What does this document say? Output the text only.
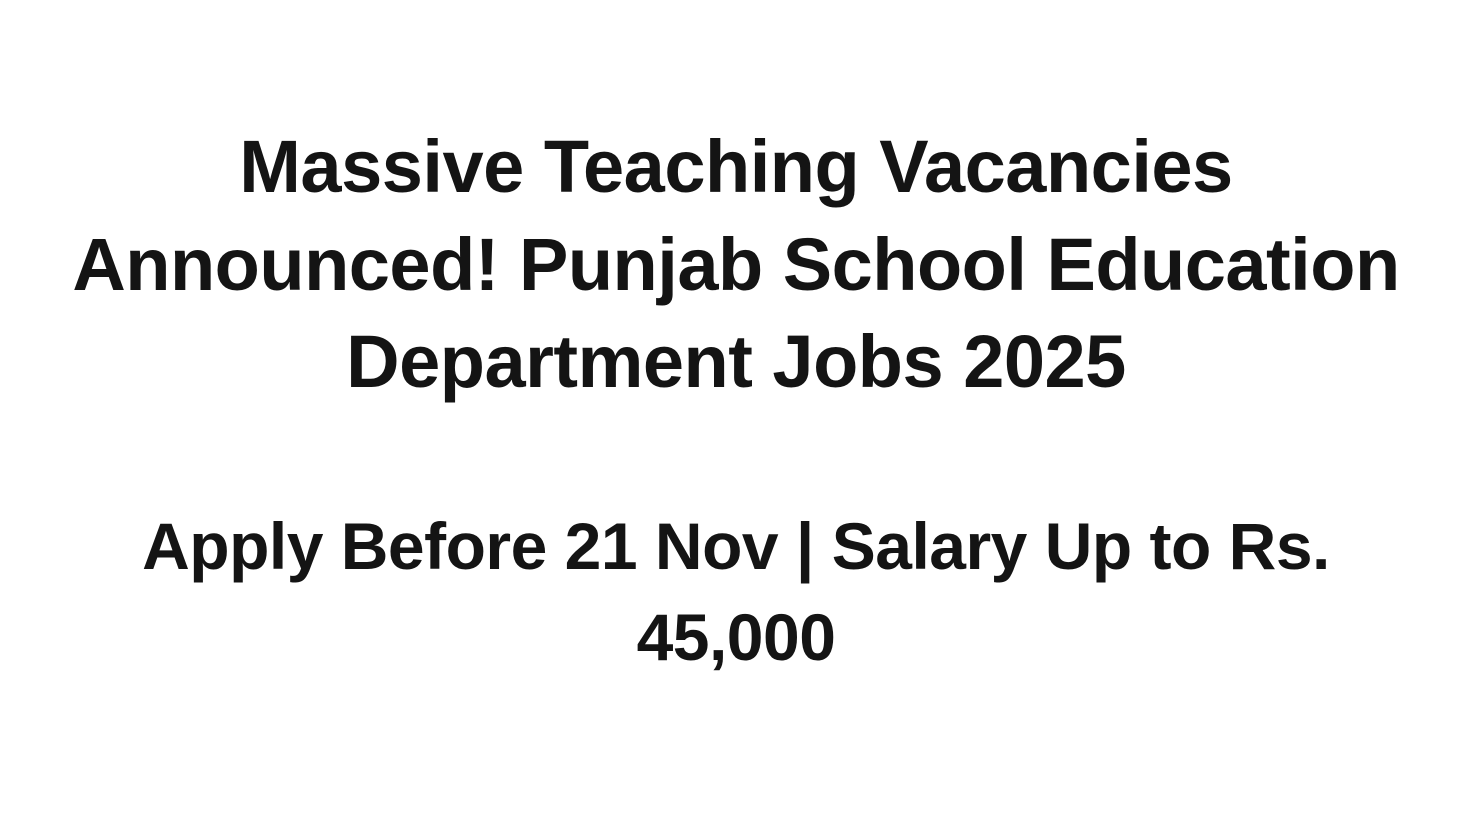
Massive Teaching Vacancies Announced! Punjab School Education Department Jobs 2025
Apply Before 21 Nov | Salary Up to Rs. 45,000
